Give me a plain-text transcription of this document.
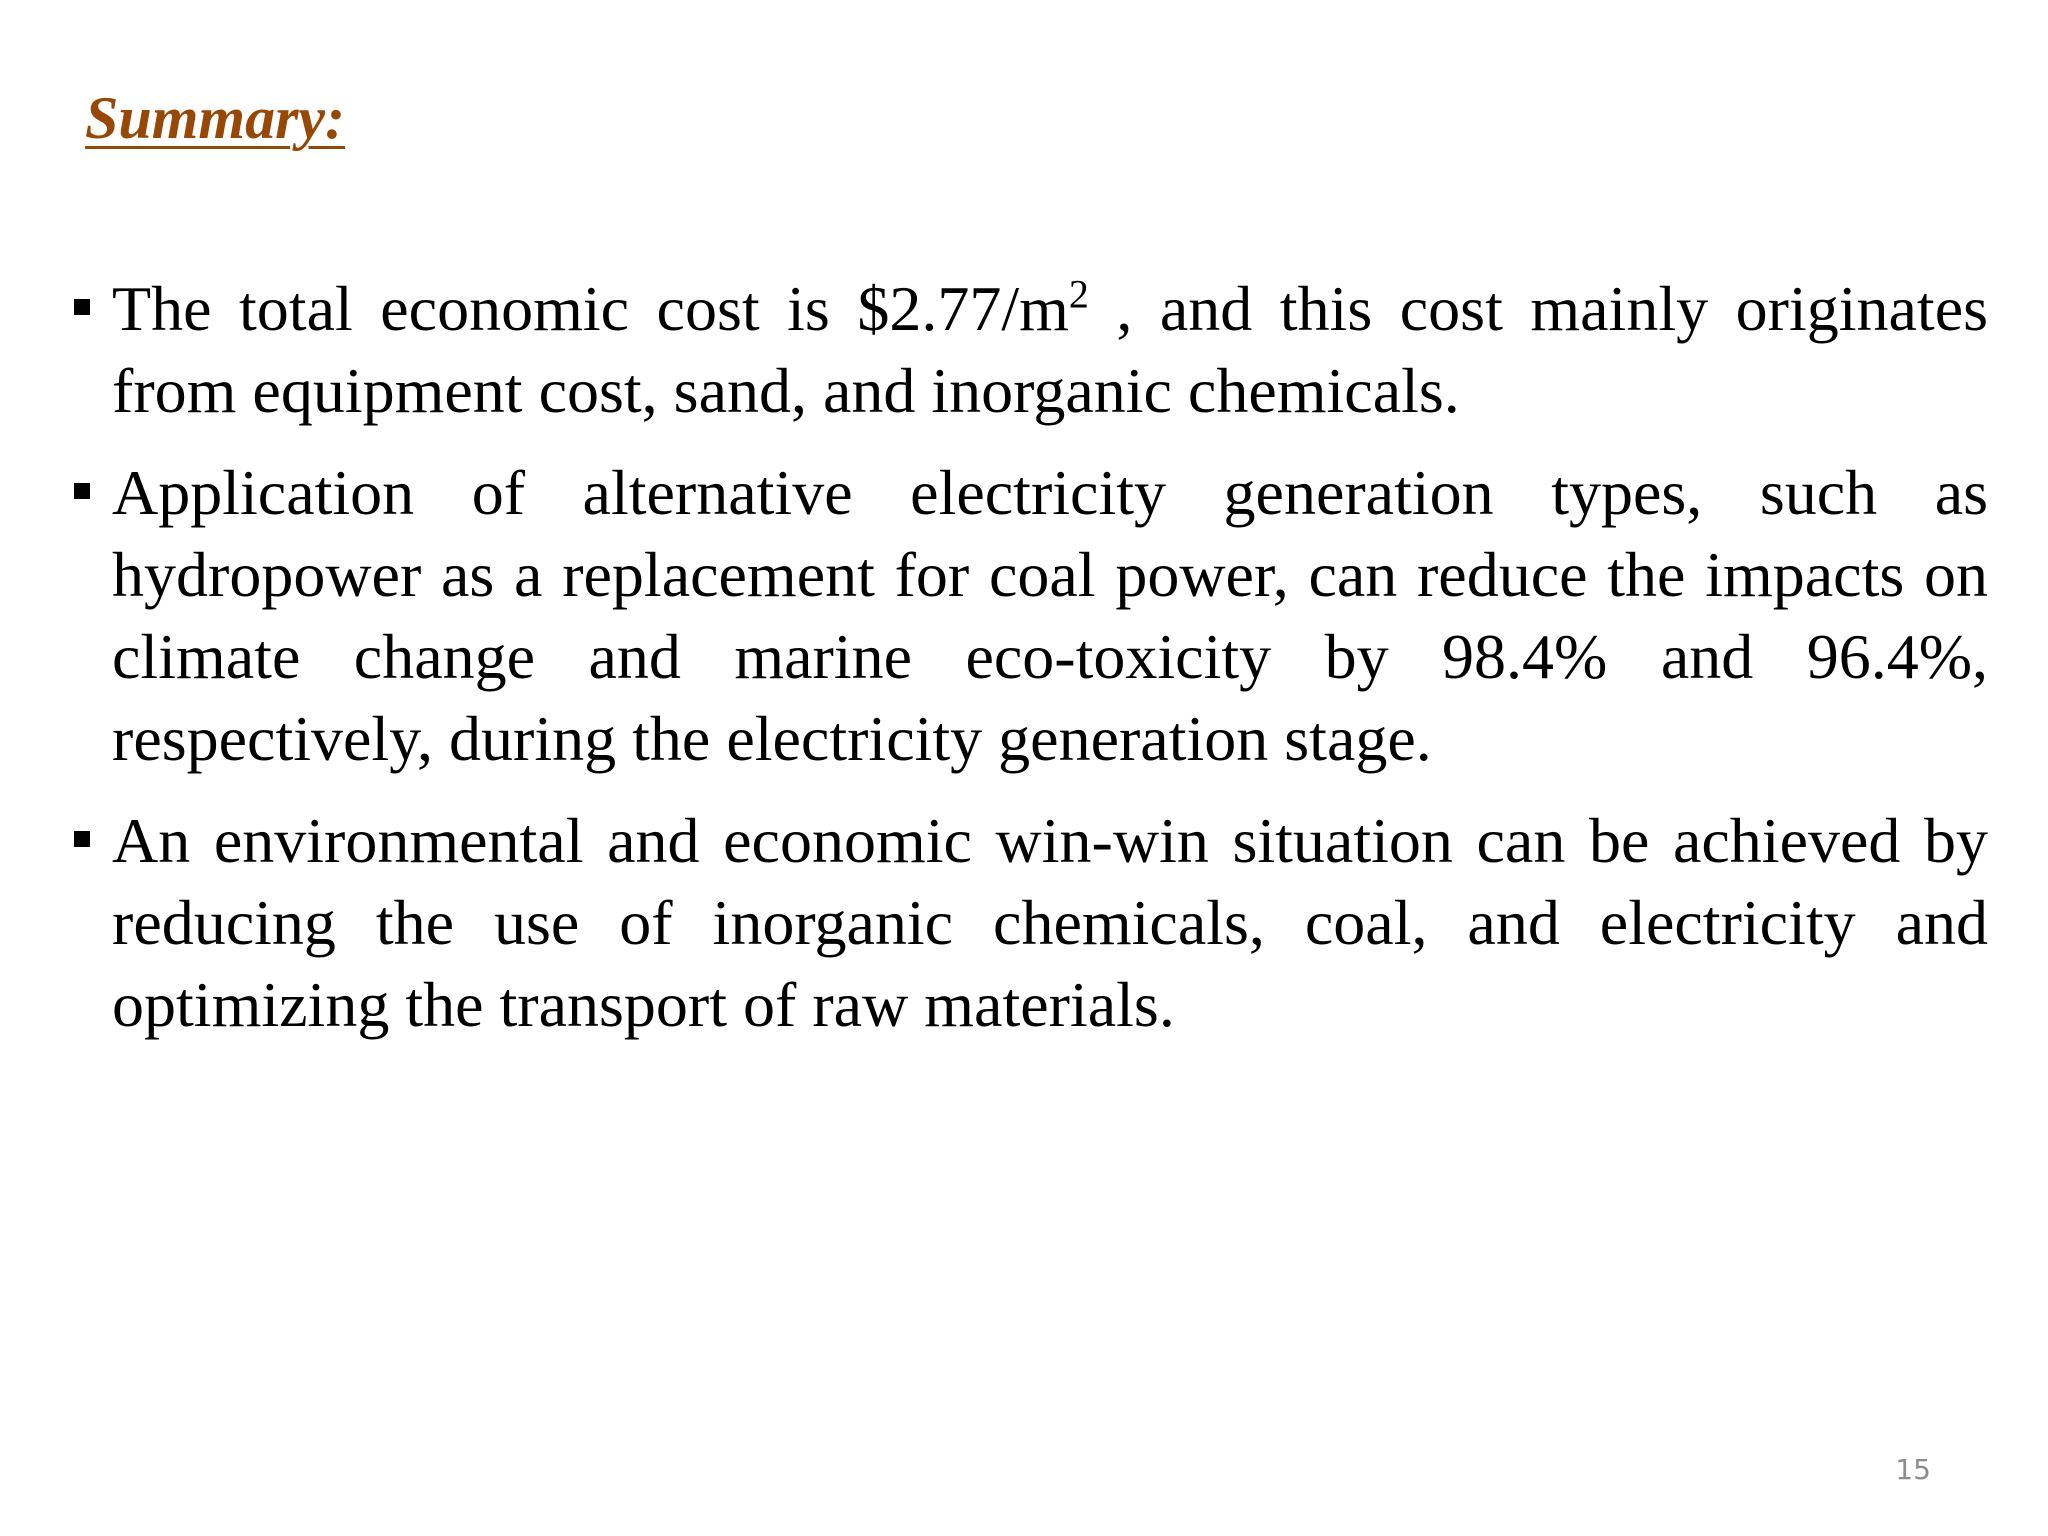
Summary:
The total economic cost is $\$2.77/m^2$ , and this cost mainly originates from equipment cost, sand, and inorganic chemicals.
Application of alternative electricity generation types, such as hydropower as a replacement for coal power, can reduce the impacts on climate change and marine eco-toxicity by 98.4% and 96.4%, respectively, during the electricity generation stage.
An environmental and economic win-win situation can be achieved by reducing the use of inorganic chemicals, coal, and electricity and optimizing the transport of raw materials.
15
